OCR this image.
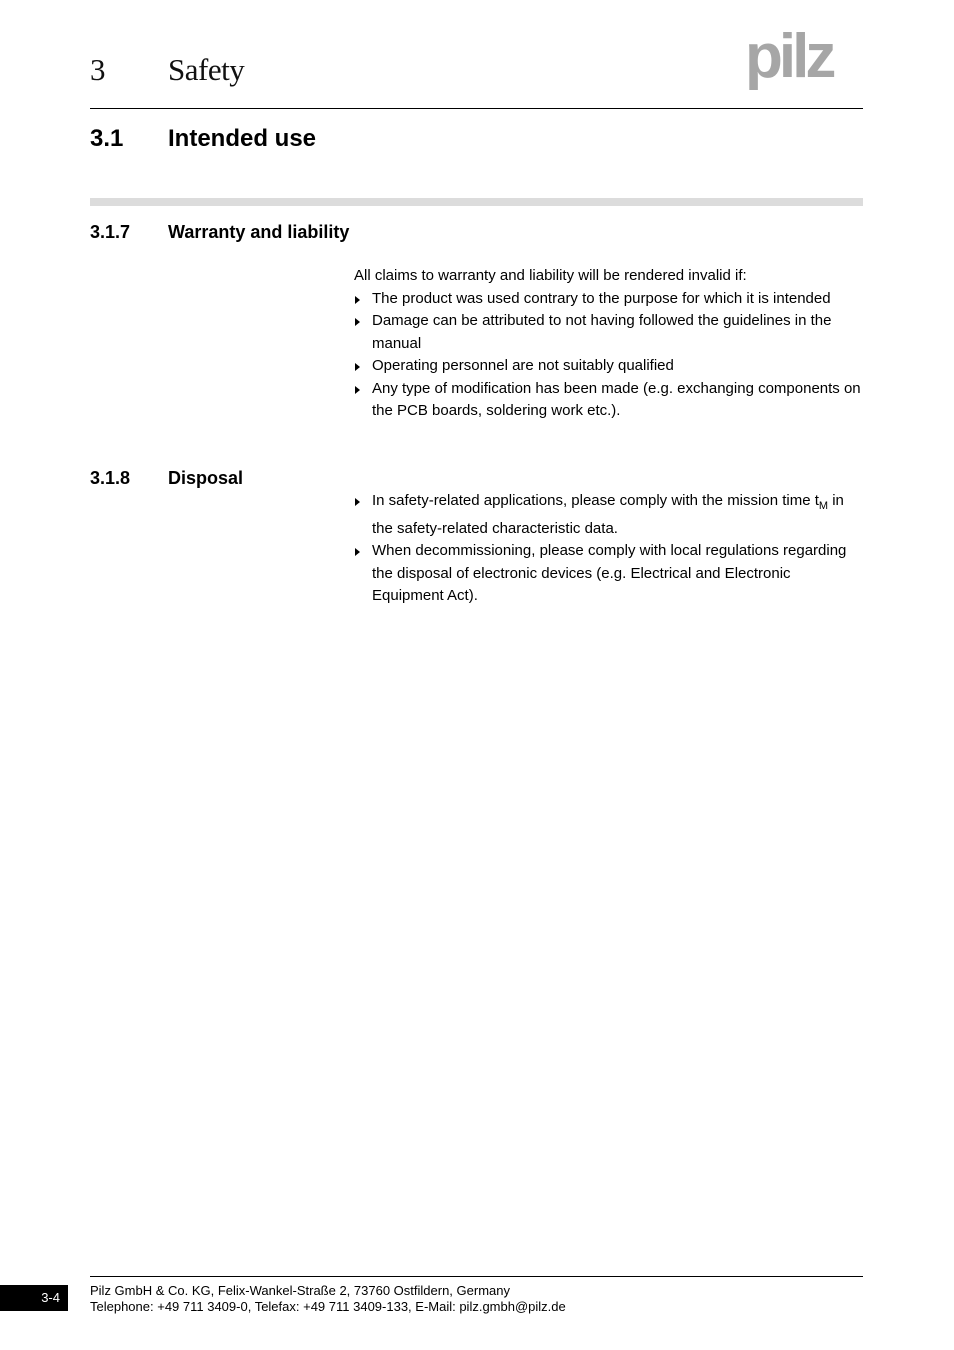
3 Safety	pilz
3.1 Intended use
3.1.7 Warranty and liability
All claims to warranty and liability will be rendered invalid if:
The product was used contrary to the purpose for which it is intended
Damage can be attributed to not having followed the guidelines in the manual
Operating personnel are not suitably qualified
Any type of modification has been made (e.g. exchanging components on the PCB boards, soldering work etc.).
3.1.8 Disposal
In safety-related applications, please comply with the mission time $t_M$ in the safety-related characteristic data.
When decommissioning, please comply with local regulations regarding the disposal of electronic devices (e.g. Electrical and Electronic Equipment Act).
3-4	Pilz GmbH & Co. KG, Felix-Wankel-Straße 2, 73760 Ostfildern, Germany
Telephone: +49 711 3409-0, Telefax: +49 711 3409-133, E-Mail: pilz.gmbh@pilz.de
